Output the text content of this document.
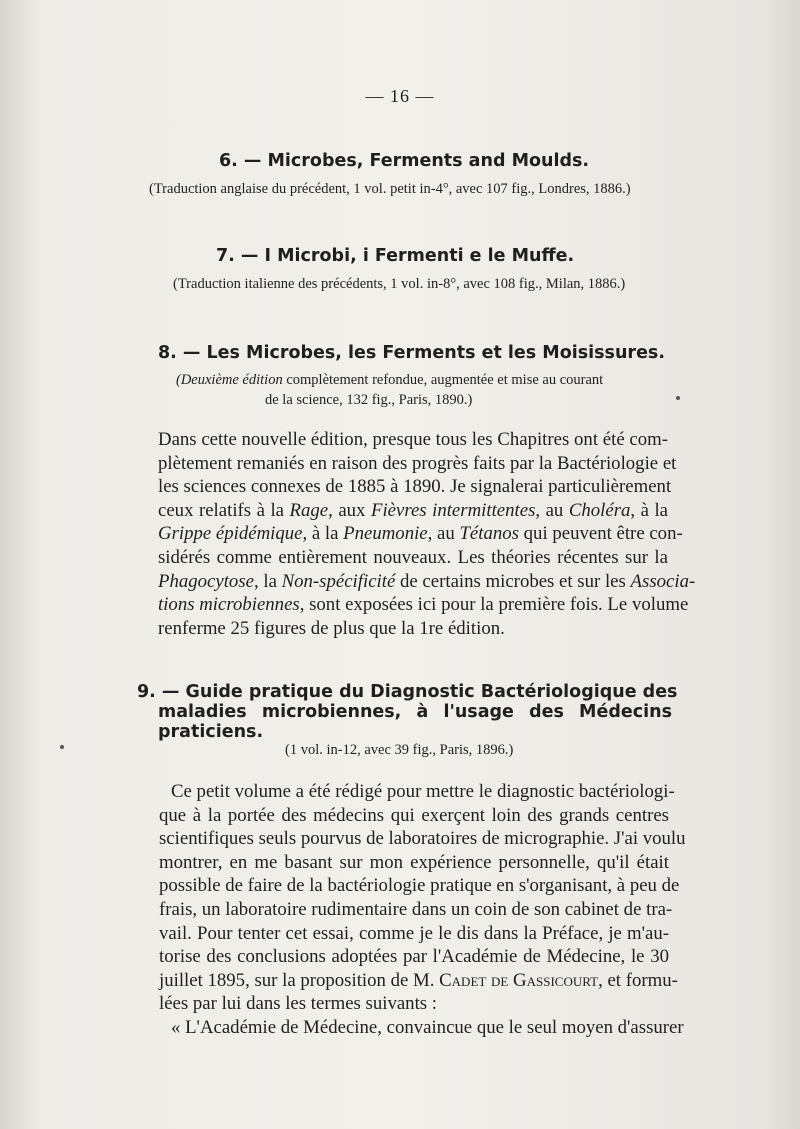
— 16 —
6. — Microbes, Ferments and Moulds.
(Traduction anglaise du précédent, 1 vol. petit in-4°, avec 107 fig., Londres, 1886.)
7. — I Microbi, i Fermenti e le Muffe.
(Traduction italienne des précédents, 1 vol. in-8°, avec 108 fig., Milan, 1886.)
8. — Les Microbes, les Ferments et les Moisissures.
(Deuxième édition complètement refondue, augmentée et mise au courant
de la science, 132 fig., Paris, 1890.)
Dans cette nouvelle édition, presque tous les Chapitres ont été com-
plètement remaniés en raison des progrès faits par la Bactériologie et
les sciences connexes de 1885 à 1890. Je signalerai particulièrement
ceux relatifs à la Rage, aux Fièvres intermittentes, au Choléra, à la
Grippe épidémique, à la Pneumonie, au Tétanos qui peuvent être con-
sidérés comme entièrement nouveaux. Les théories récentes sur la
Phagocytose, la Non-spécificité de certains microbes et sur les Associa-
tions microbiennes, sont exposées ici pour la première fois. Le volume
renferme 25 figures de plus que la 1re édition.
9. — Guide pratique du Diagnostic Bactériologique des
maladies microbiennes, à l'usage des Médecins
praticiens.
(1 vol. in-12, avec 39 fig., Paris, 1896.)
Ce petit volume a été rédigé pour mettre le diagnostic bactériologi-
que à la portée des médecins qui exerçent loin des grands centres
scientifiques seuls pourvus de laboratoires de micrographie. J'ai voulu
montrer, en me basant sur mon expérience personnelle, qu'il était
possible de faire de la bactériologie pratique en s'organisant, à peu de
frais, un laboratoire rudimentaire dans un coin de son cabinet de tra-
vail. Pour tenter cet essai, comme je le dis dans la Préface, je m'au-
torise des conclusions adoptées par l'Académie de Médecine, le 30
juillet 1895, sur la proposition de M. Cadet de Gassicourt, et formu-
lées par lui dans les termes suivants :
« L'Académie de Médecine, convaincue que le seul moyen d'assurer
